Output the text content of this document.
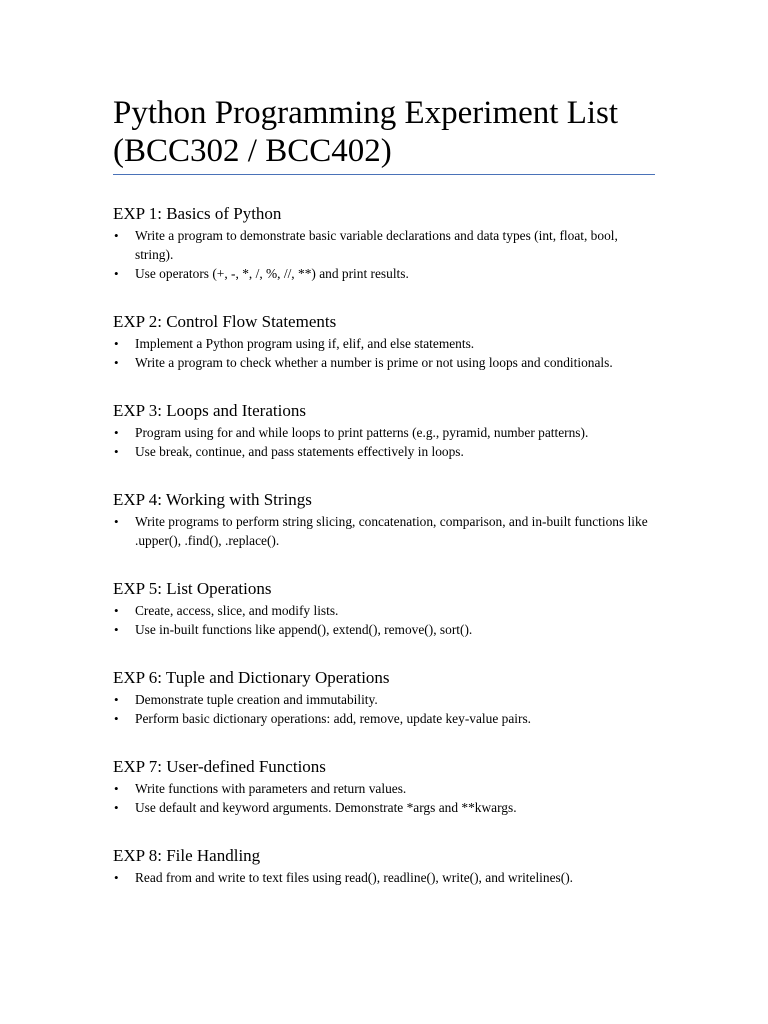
Python Programming Experiment List
(BCC302 / BCC402)
EXP 1: Basics of Python
• Write a program to demonstrate basic variable declarations and data types (int, float, bool, string).
• Use operators (+, -, *, /, %, //, **) and print results.
EXP 2: Control Flow Statements
• Implement a Python program using if, elif, and else statements.
• Write a program to check whether a number is prime or not using loops and conditionals.
EXP 3: Loops and Iterations
• Program using for and while loops to print patterns (e.g., pyramid, number patterns).
• Use break, continue, and pass statements effectively in loops.
EXP 4: Working with Strings
• Write programs to perform string slicing, concatenation, comparison, and in-built functions like .upper(), .find(), .replace().
EXP 5: List Operations
• Create, access, slice, and modify lists.
• Use in-built functions like append(), extend(), remove(), sort().
EXP 6: Tuple and Dictionary Operations
• Demonstrate tuple creation and immutability.
• Perform basic dictionary operations: add, remove, update key-value pairs.
EXP 7: User-defined Functions
• Write functions with parameters and return values.
• Use default and keyword arguments. Demonstrate *args and **kwargs.
EXP 8: File Handling
• Read from and write to text files using read(), readline(), write(), and writelines().
